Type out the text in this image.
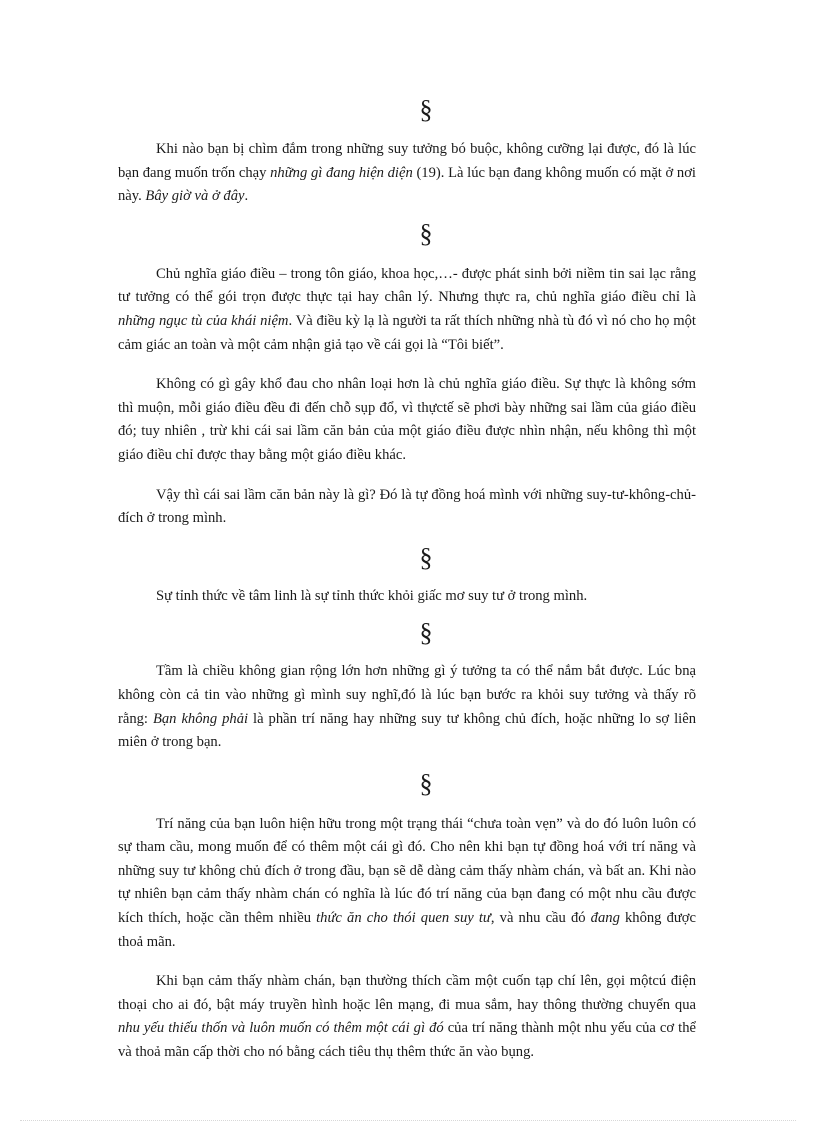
§

Khi nào bạn bị chìm đắm trong những suy tưởng bó buộc, không cưỡng lại được, đó là lúc bạn đang muốn trốn chạy những gì đang hiện diện (19). Là lúc bạn đang không muốn có mặt ở nơi này. Bây giờ và ở đây.

§

Chủ nghĩa giáo điều – trong tôn giáo, khoa học,…- được phát sinh bởi niềm tin sai lạc rằng tư tưởng có thể gói trọn được thực tại hay chân lý. Nhưng thực ra, chủ nghĩa giáo điều chỉ là những ngục tù của khái niệm. Và điều kỳ lạ là người ta rất thích những nhà tù đó vì nó cho họ một cảm giác an toàn và một cảm nhận giả tạo về cái gọi là “Tôi biết”.

Không có gì gây khổ đau cho nhân loại hơn là chủ nghĩa giáo điều. Sự thực là không sớm thì muộn, mỗi giáo điều đều đi đến chỗ sụp đổ, vì thựctế sẽ phơi bày những sai lầm của giáo điều đó; tuy nhiên , trừ khi cái sai lầm căn bản của một giáo điều được nhìn nhận, nếu không thì một giáo điều chỉ được thay bằng một giáo điều khác.

Vậy thì cái sai lầm căn bản này là gì? Đó là tự đồng hoá mình với những suy-tư-không-chủ-đích ở trong mình.

§

Sự tỉnh thức về tâm linh là sự tỉnh thức khỏi giấc mơ suy tư ở trong mình.

§

Tầm là chiều không gian rộng lớn hơn những gì ý tưởng ta có thể nắm bắt được. Lúc bnạ không còn cả tin vào những gì mình suy nghĩ,đó là lúc bạn bước ra khỏi suy tưởng và thấy rõ rằng: Bạn không phải là phần trí năng hay những suy tư không chủ đích, hoặc những lo sợ liên miên ở trong bạn.

§

Trí năng của bạn luôn hiện hữu trong một trạng thái “chưa toàn vẹn” và do đó luôn luôn có sự tham cầu, mong muốn để có thêm một cái gì đó. Cho nên khi bạn tự đồng hoá với trí năng và những suy tư không chủ đích ở trong đầu, bạn sẽ dễ dàng cảm thấy nhàm chán, và bất an. Khi nào tự nhiên bạn cảm thấy nhàm chán có nghĩa là lúc đó trí năng của bạn đang có một nhu cầu được kích thích, hoặc cần thêm nhiều thức ăn cho thói quen suy tư, và nhu cầu đó đang không được thoả mãn.

Khi bạn cảm thấy nhàm chán, bạn thường thích cầm một cuốn tạp chí lên, gọi mộtcú điện thoại cho ai đó, bật máy truyền hình hoặc lên mạng, đi mua sắm, hay thông thường chuyển qua nhu yếu thiếu thốn và luôn muốn có thêm một cái gì đó của trí năng thành một nhu yếu của cơ thể và thoả mãn cấp thời cho nó bằng cách tiêu thụ thêm thức ăn vào bụng.
